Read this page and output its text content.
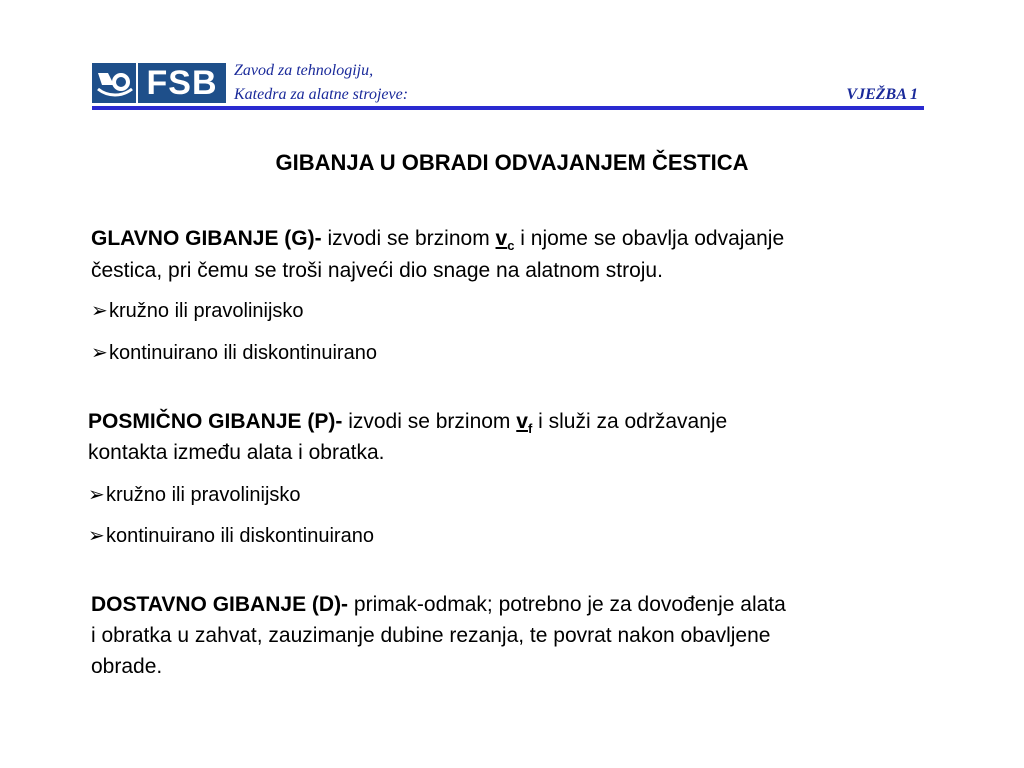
FSB	Zavod za tehnologiju,
Katedra za alatne strojeve:	VJEŽBA 1
GIBANJA U OBRADI ODVAJANJEM ČESTICA
GLAVNO GIBANJE (G)- izvodi se brzinom $v_c$ i njome se obavlja odvajanje
čestica, pri čemu se troši najveći dio snage na alatnom stroju.
➢kružno ili pravolinijsko
➢kontinuirano ili diskontinuirano
POSMIČNO GIBANJE (P)- izvodi se brzinom $v_f$ i služi za održavanje
kontakta između alata i obratka.
➢kružno ili pravolinijsko
➢kontinuirano ili diskontinuirano
DOSTAVNO GIBANJE (D)- primak-odmak; potrebno je za dovođenje alata
i obratka u zahvat, zauzimanje dubine rezanja, te povrat nakon obavljene
obrade.
